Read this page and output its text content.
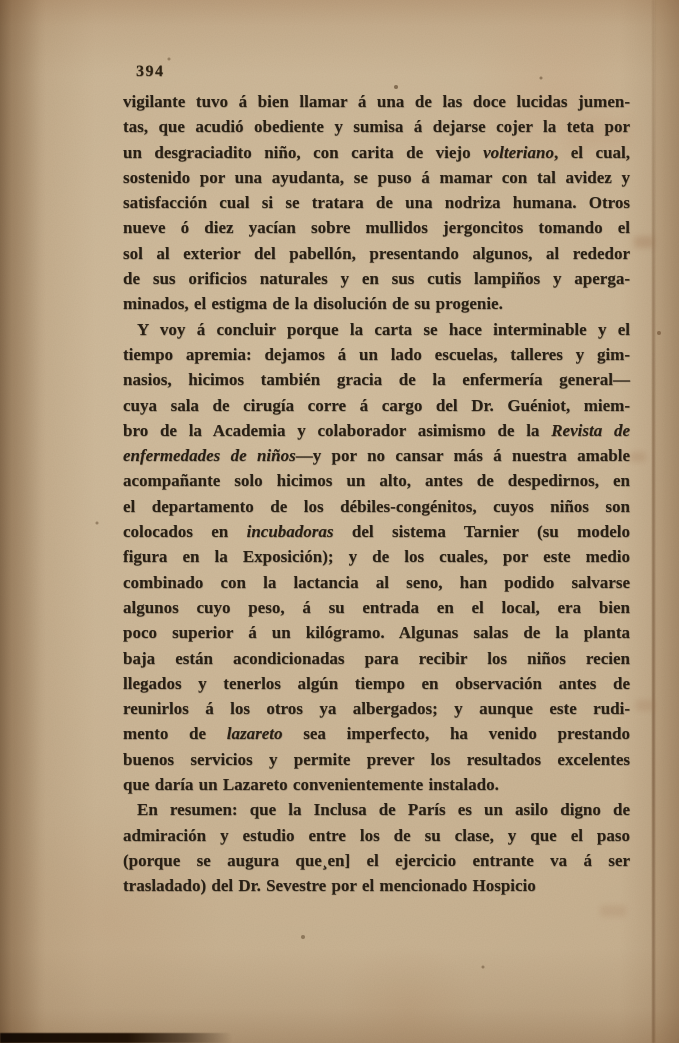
394
vigilante tuvo á bien llamar á una de las doce lucidas jumen-
tas, que acudió obediente y sumisa á dejarse cojer la teta por
un desgraciadito niño, con carita de viejo volteriano, el cual,
sostenido por una ayudanta, se puso á mamar con tal avidez y
satisfacción cual si se tratara de una nodriza humana. Otros
nueve ó diez yacían sobre mullidos jergoncitos tomando el
sol al exterior del pabellón, presentando algunos, al rededor
de sus orificios naturales y en sus cutis lampiños y aperga-
minados, el estigma de la disolución de su progenie.
Y voy á concluir porque la carta se hace interminable y el
tiempo apremia: dejamos á un lado escuelas, talleres y gim-
nasios, hicimos también gracia de la enfermería general—
cuya sala de cirugía corre á cargo del Dr. Guéniot, miem-
bro de la Academia y colaborador asimismo de la Revista de
enfermedades de niños—y por no cansar más á nuestra amable
acompañante solo hicimos un alto, antes de despedirnos, en
el departamento de los débiles-congénitos, cuyos niños son
colocados en incubadoras del sistema Tarnier (su modelo
figura en la Exposición); y de los cuales, por este medio
combinado con la lactancia al seno, han podido salvarse
algunos cuyo peso, á su entrada en el local, era bien
poco superior á un kilógramo. Algunas salas de la planta
baja están acondicionadas para recibir los niños recien
llegados y tenerlos algún tiempo en observación antes de
reunirlos á los otros ya albergados; y aunque este rudi-
mento de lazareto sea imperfecto, ha venido prestando
buenos servicios y permite prever los resultados excelentes
que daría un Lazareto convenientemente instalado.
En resumen: que la Inclusa de París es un asilo digno de
admiración y estudio entre los de su clase, y que el paso
(porque se augura que¸en] el ejercicio entrante va á ser
trasladado) del Dr. Sevestre por el mencionado Hospicio
